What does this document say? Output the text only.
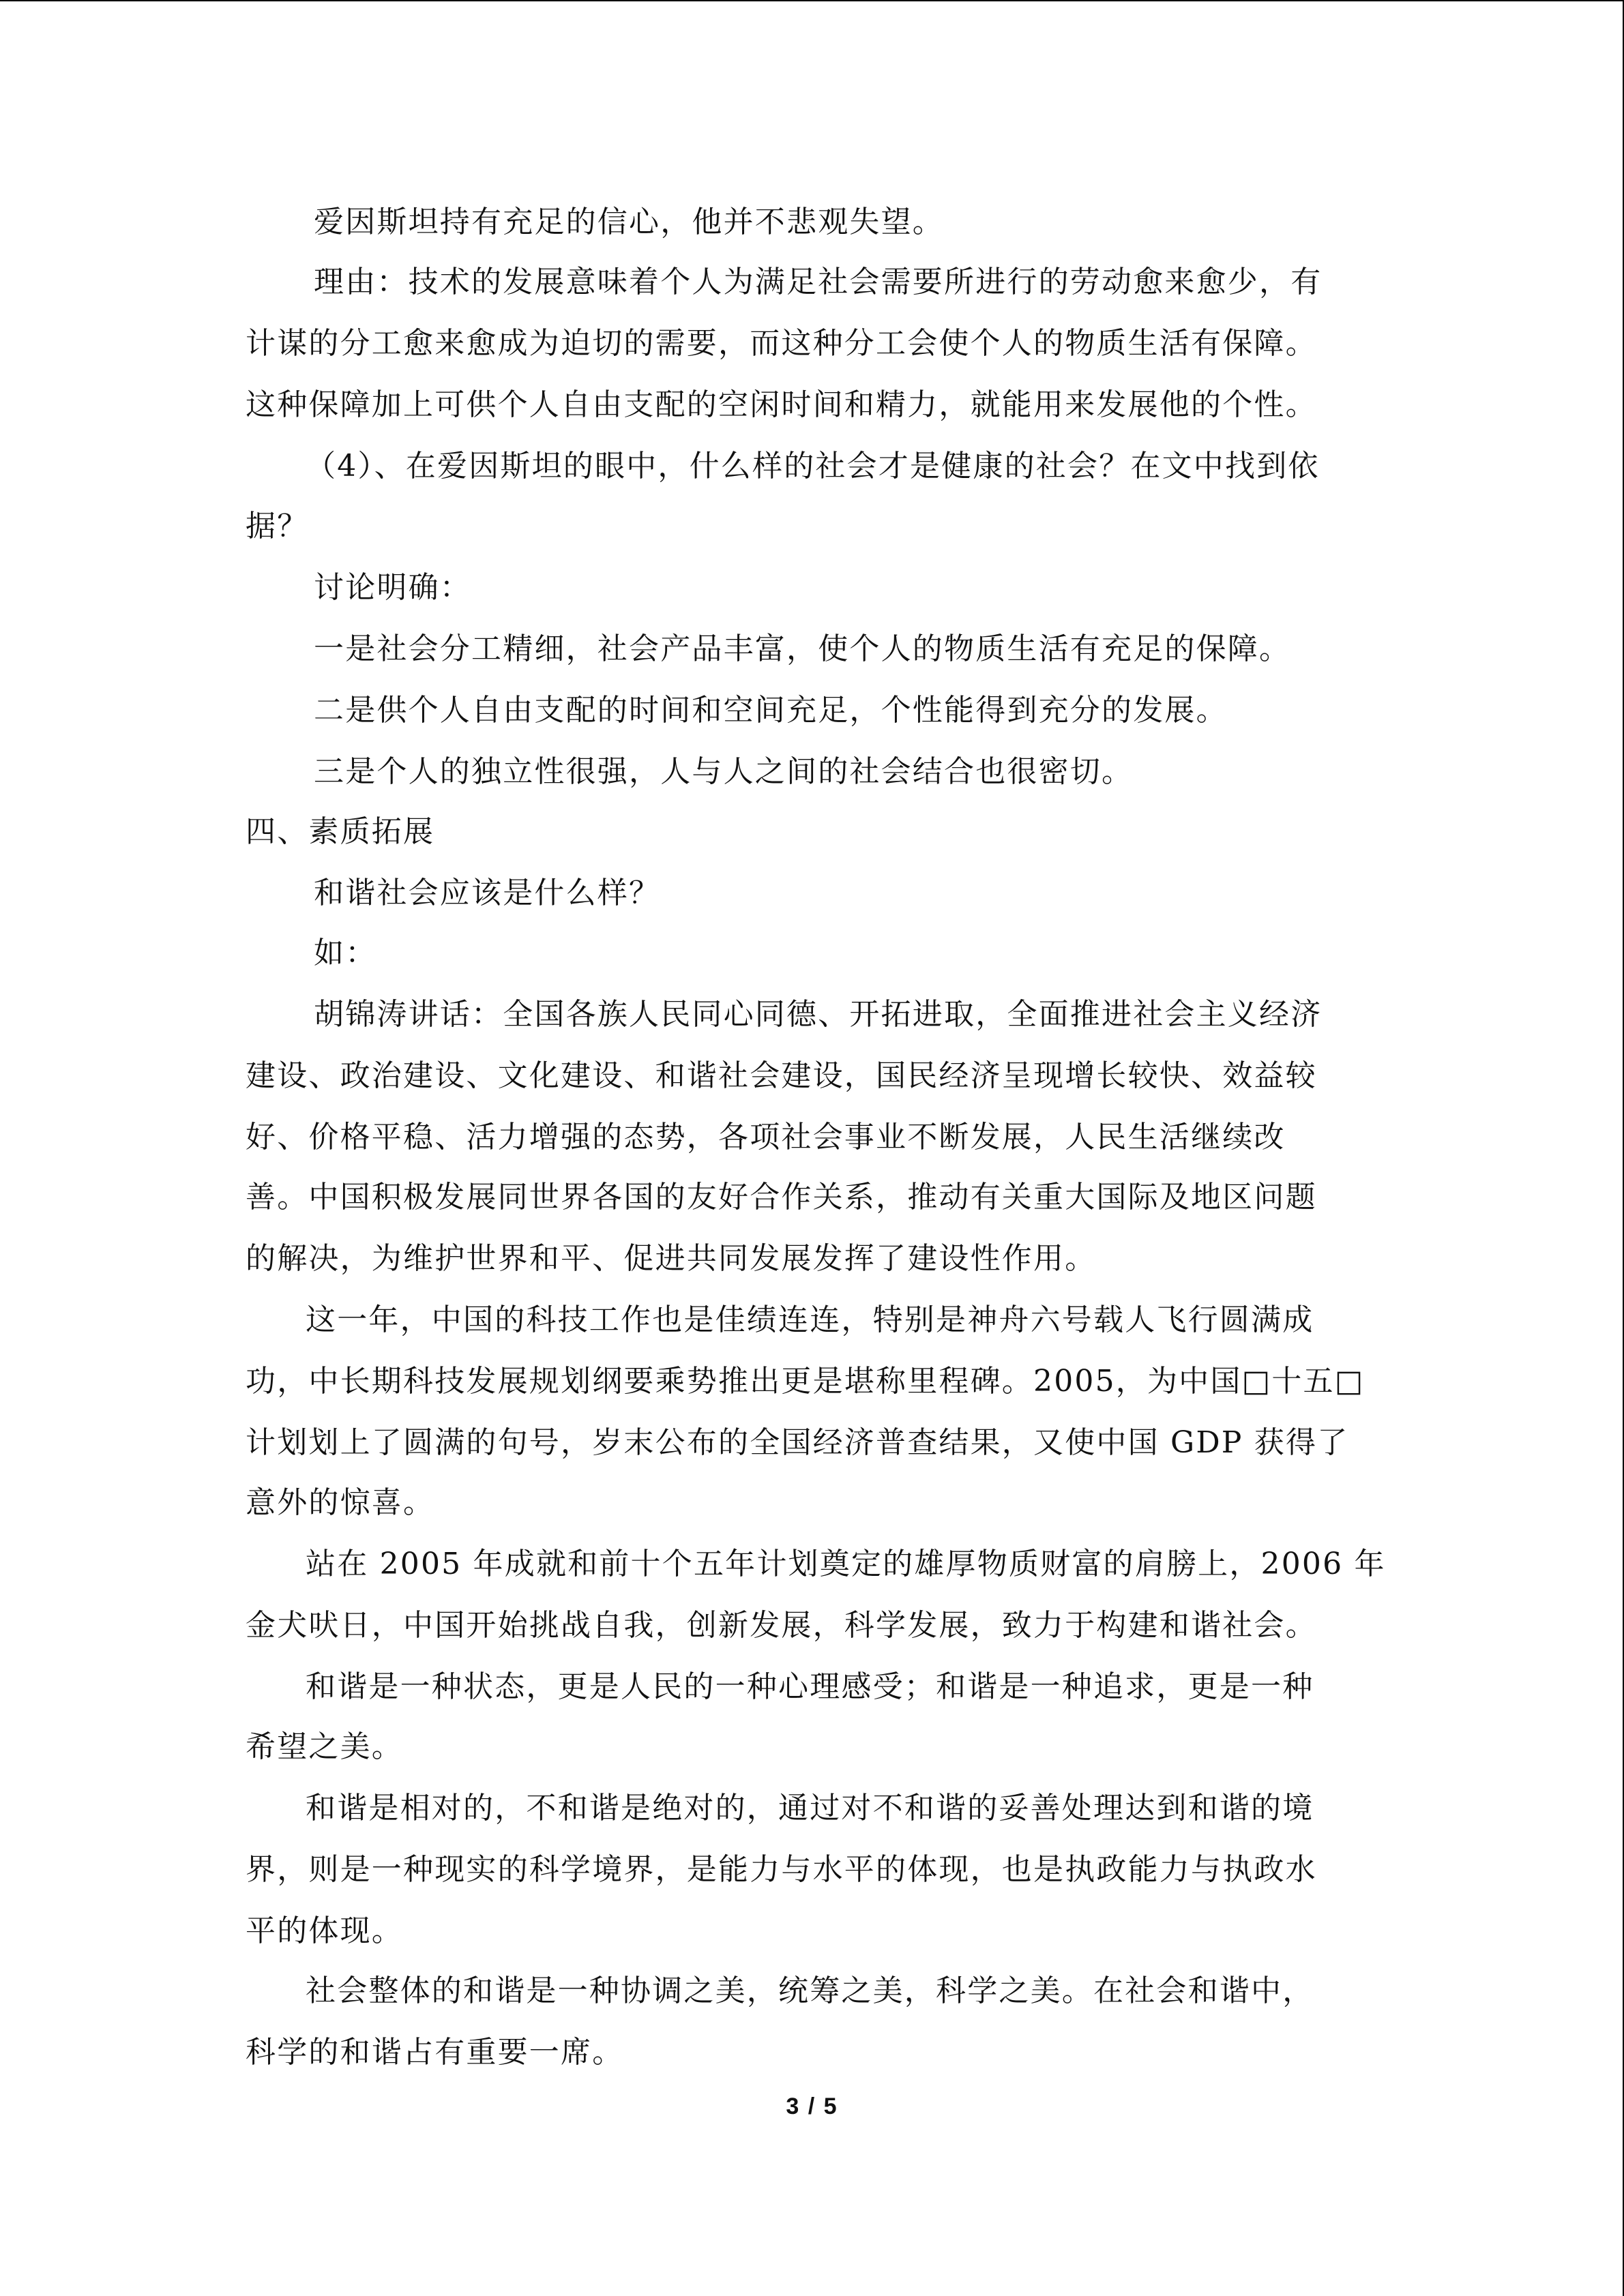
爱因斯坦持有充足的信心，他并不悲观失望。
理由：技术的发展意味着个人为满足社会需要所进行的劳动愈来愈少，有
计谋的分工愈来愈成为迫切的需要，而这种分工会使个人的物质生活有保障。
这种保障加上可供个人自由支配的空闲时间和精力，就能用来发展他的个性。
（4）、在爱因斯坦的眼中，什么样的社会才是健康的社会？在文中找到依
据？
讨论明确：
一是社会分工精细，社会产品丰富，使个人的物质生活有充足的保障。
二是供个人自由支配的时间和空间充足，个性能得到充分的发展。
三是个人的独立性很强，人与人之间的社会结合也很密切。
四、素质拓展
和谐社会应该是什么样？
如：
胡锦涛讲话：全国各族人民同心同德、开拓进取，全面推进社会主义经济
建设、政治建设、文化建设、和谐社会建设，国民经济呈现增长较快、效益较
好、价格平稳、活力增强的态势，各项社会事业不断发展，人民生活继续改
善。中国积极发展同世界各国的友好合作关系，推动有关重大国际及地区问题
的解决，为维护世界和平、促进共同发展发挥了建设性作用。
这一年，中国的科技工作也是佳绩连连，特别是神舟六号载人飞行圆满成
功，中长期科技发展规划纲要乘势推出更是堪称里程碑。2005，为中国□十五□
计划划上了圆满的句号，岁末公布的全国经济普查结果，又使中国 GDP 获得了
意外的惊喜。
站在 2005 年成就和前十个五年计划奠定的雄厚物质财富的肩膀上，2006 年
金犬吠日，中国开始挑战自我，创新发展，科学发展，致力于构建和谐社会。
和谐是一种状态，更是人民的一种心理感受；和谐是一种追求，更是一种
希望之美。
和谐是相对的，不和谐是绝对的，通过对不和谐的妥善处理达到和谐的境
界，则是一种现实的科学境界，是能力与水平的体现，也是执政能力与执政水
平的体现。
社会整体的和谐是一种协调之美，统筹之美，科学之美。在社会和谐中，
科学的和谐占有重要一席。
3 / 5
